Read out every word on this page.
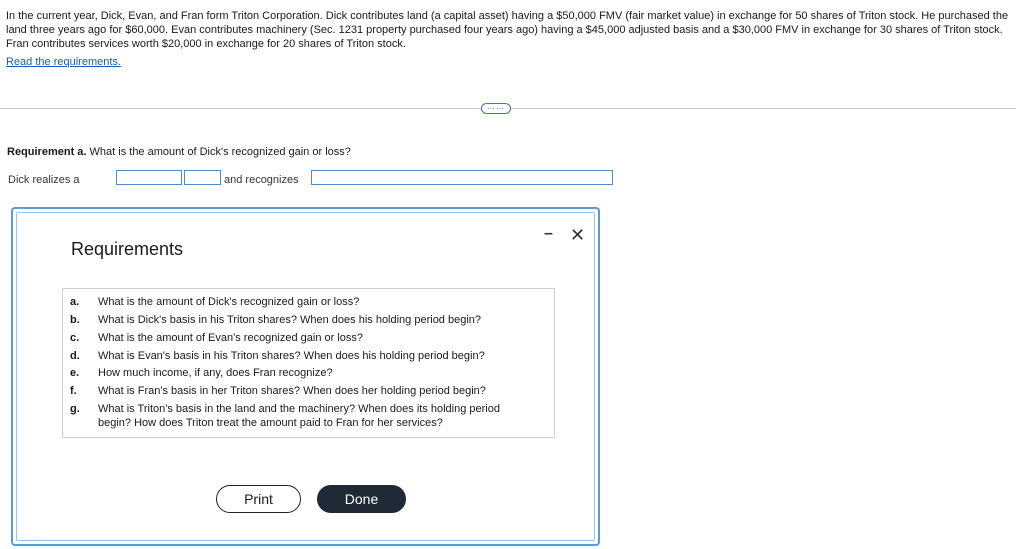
In the current year, Dick, Evan, and Fran form Triton Corporation. Dick contributes land (a capital asset) having a $50,000 FMV (fair market value) in exchange for 50 shares of Triton stock. He purchased the land three years ago for $60,000. Evan contributes machinery (Sec. 1231 property purchased four years ago) having a $45,000 adjusted basis and a $30,000 FMV in exchange for 30 shares of Triton stock. Fran contributes services worth $20,000 in exchange for 20 shares of Triton stock.
Read the requirements.
……
Requirement a. What is the amount of Dick's recognized gain or loss?
Dick realizes a	and recognizes
Requirements
– ✕
a.	What is the amount of Dick's recognized gain or loss?
b.	What is Dick's basis in his Triton shares? When does his holding period begin?
c.	What is the amount of Evan's recognized gain or loss?
d.	What is Evan's basis in his Triton shares? When does his holding period begin?
e.	How much income, if any, does Fran recognize?
f.	What is Fran's basis in her Triton shares? When does her holding period begin?
g.	What is Triton's basis in the land and the machinery? When does its holding period begin? How does Triton treat the amount paid to Fran for her services?
Print	Done
